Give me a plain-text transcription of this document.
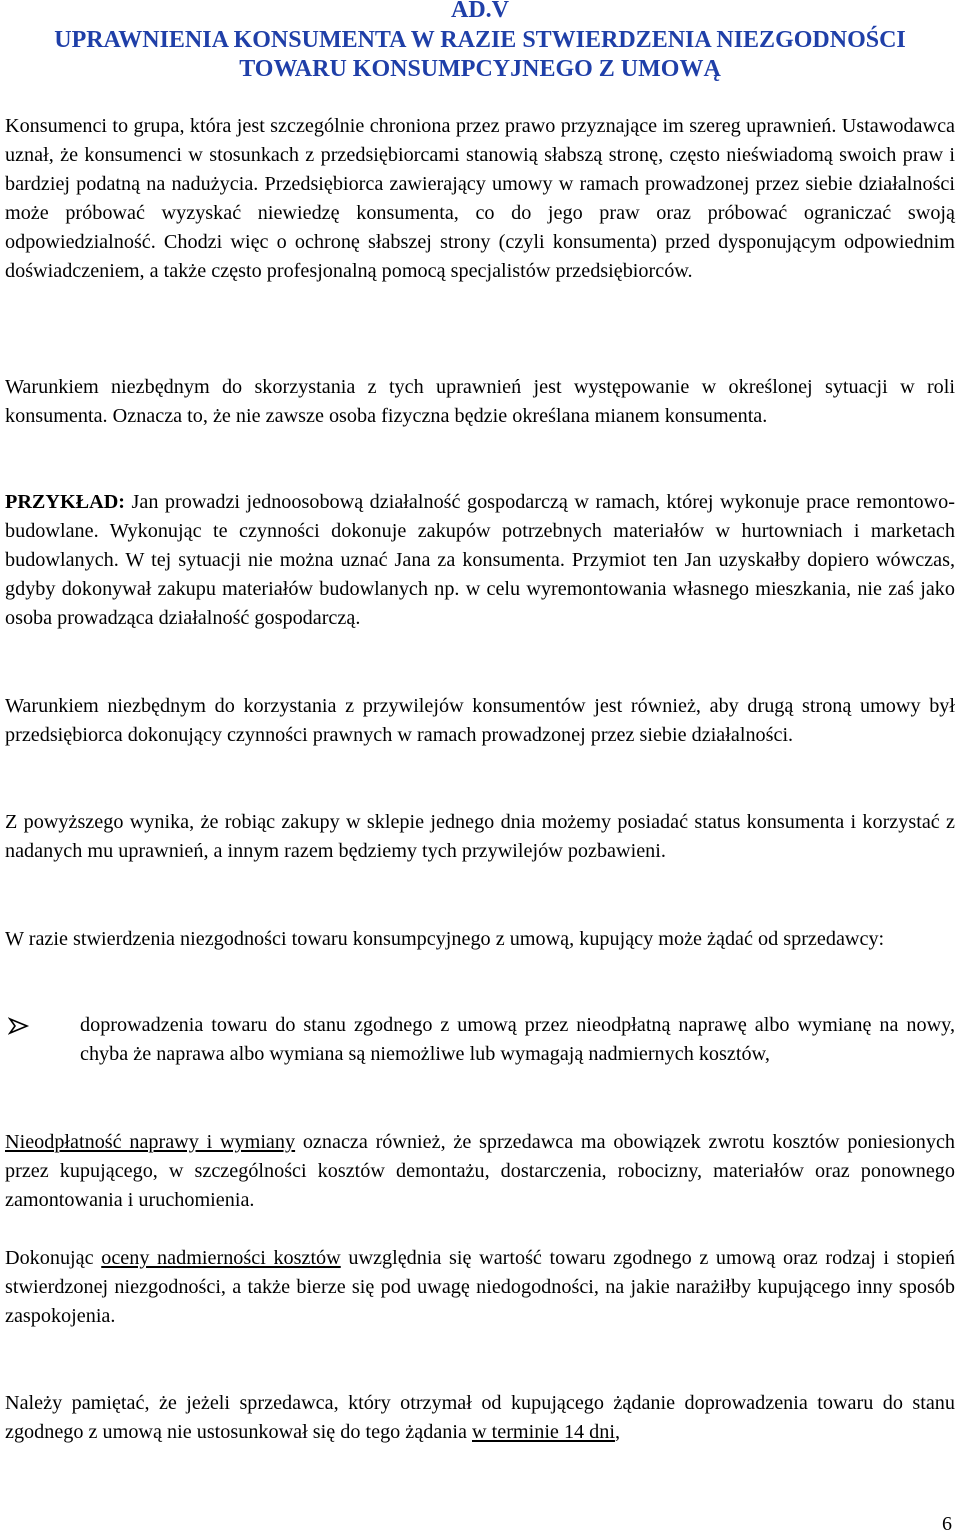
AD.V
UPRAWNIENIA KONSUMENTA W RAZIE STWIERDZENIA NIEZGODNOŚCI
TOWARU KONSUMPCYJNEGO Z UMOWĄ

Konsumenci to grupa, która jest szczególnie chroniona przez prawo przyznające im szereg uprawnień. Ustawodawca uznał, że konsumenci w stosunkach z przedsiębiorcami stanowią słabszą stronę, często nieświadomą swoich praw i bardziej podatną na nadużycia. Przedsiębiorca zawierający umowy w ramach prowadzonej przez siebie działalności może próbować wyzyskać niewiedzę konsumenta, co do jego praw oraz próbować ograniczać swoją odpowiedzialność. Chodzi więc o ochronę słabszej strony (czyli konsumenta) przed dysponującym odpowiednim doświadczeniem, a także często profesjonalną pomocą specjalistów przedsiębiorców.

Warunkiem niezbędnym do skorzystania z tych uprawnień jest występowanie w określonej sytuacji w roli konsumenta. Oznacza to, że nie zawsze osoba fizyczna będzie określana mianem konsumenta.

PRZYKŁAD: Jan prowadzi jednoosobową działalność gospodarczą w ramach, której wykonuje prace remontowo-budowlane. Wykonując te czynności dokonuje zakupów potrzebnych materiałów w hurtowniach i marketach budowlanych. W tej sytuacji nie można uznać Jana za konsumenta. Przymiot ten Jan uzyskałby dopiero wówczas, gdyby dokonywał zakupu materiałów budowlanych np. w celu wyremontowania własnego mieszkania, nie zaś jako osoba prowadząca działalność gospodarczą.

Warunkiem niezbędnym do korzystania z przywilejów konsumentów jest również, aby drugą stroną umowy był przedsiębiorca dokonujący czynności prawnych w ramach prowadzonej przez siebie działalności.

Z powyższego wynika, że robiąc zakupy w sklepie jednego dnia możemy posiadać status konsumenta i korzystać z nadanych mu uprawnień, a innym razem będziemy tych przywilejów pozbawieni.

W razie stwierdzenia niezgodności towaru konsumpcyjnego z umową, kupujący może żądać od sprzedawcy:

doprowadzenia towaru do stanu zgodnego z umową przez nieodpłatną naprawę albo wymianę na nowy, chyba że naprawa albo wymiana są niemożliwe lub wymagają nadmiernych kosztów,

Nieodpłatność naprawy i wymiany oznacza również, że sprzedawca ma obowiązek zwrotu kosztów poniesionych przez kupującego, w szczególności kosztów demontażu, dostarczenia, robocizny, materiałów oraz ponownego zamontowania i uruchomienia.

Dokonując oceny nadmierności kosztów uwzględnia się wartość towaru zgodnego z umową oraz rodzaj i stopień stwierdzonej niezgodności, a także bierze się pod uwagę niedogodności, na jakie narażiłby kupującego inny sposób zaspokojenia.

Należy pamiętać, że jeżeli sprzedawca, który otrzymał od kupującego żądanie doprowadzenia towaru do stanu zgodnego z umową nie ustosunkował się do tego żądania w terminie 14 dni,

6
